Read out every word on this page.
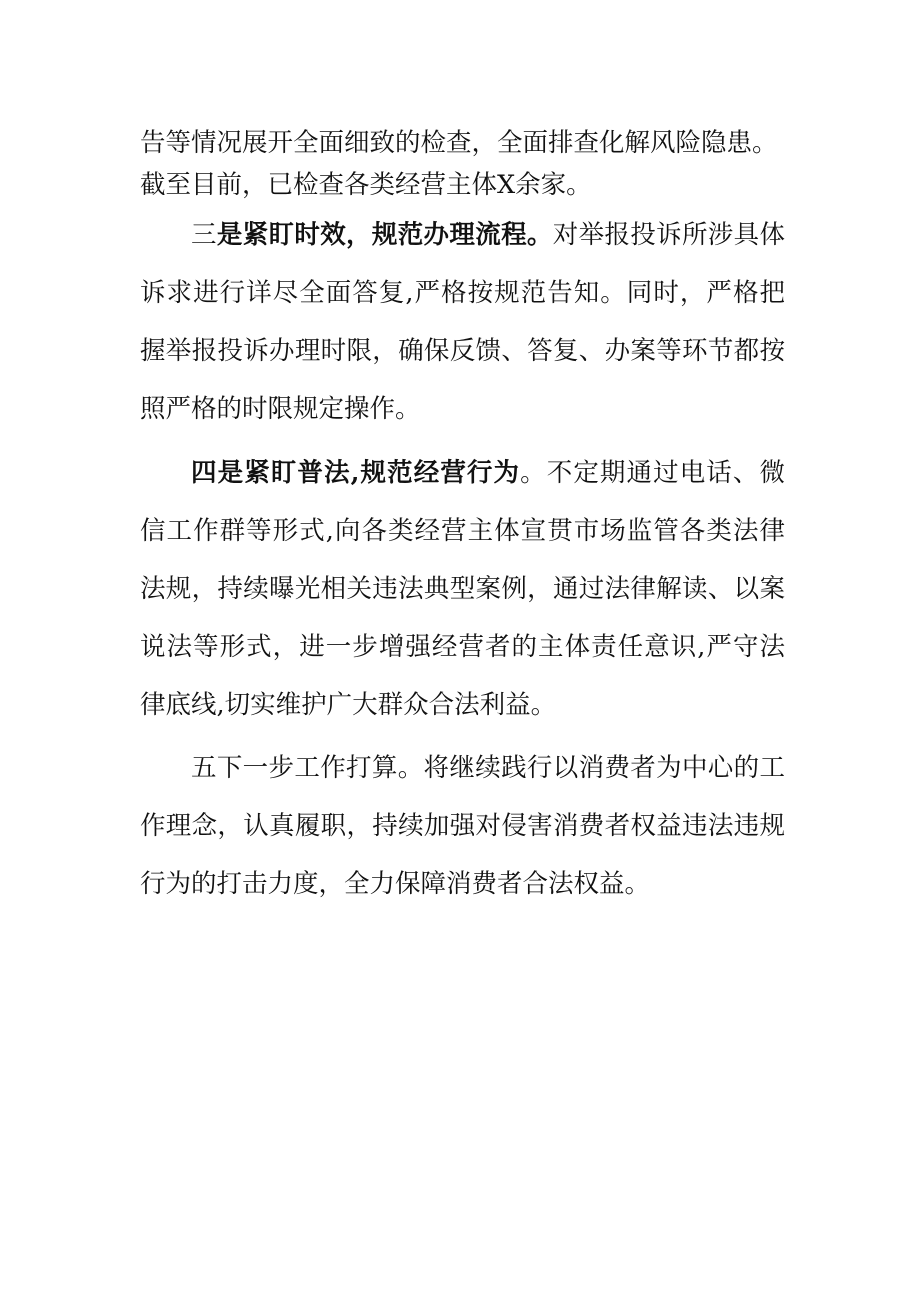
告等情况展开全面细致的检查，全面排查化解风险隐患。
截至目前，已检查各类经营主体X余家。

三是紧盯时效，规范办理流程。对举报投诉所涉具体诉求进行详尽全面答复,严格按规范告知。同时，严格把握举报投诉办理时限，确保反馈、答复、办案等环节都按照严格的时限规定操作。

四是紧盯普法,规范经营行为。不定期通过电话、微信工作群等形式,向各类经营主体宣贯市场监管各类法律法规，持续曝光相关违法典型案例，通过法律解读、以案说法等形式，进一步增强经营者的主体责任意识,严守法律底线,切实维护广大群众合法利益。

五下一步工作打算。将继续践行以消费者为中心的工作理念，认真履职，持续加强对侵害消费者权益违法违规行为的打击力度，全力保障消费者合法权益。
